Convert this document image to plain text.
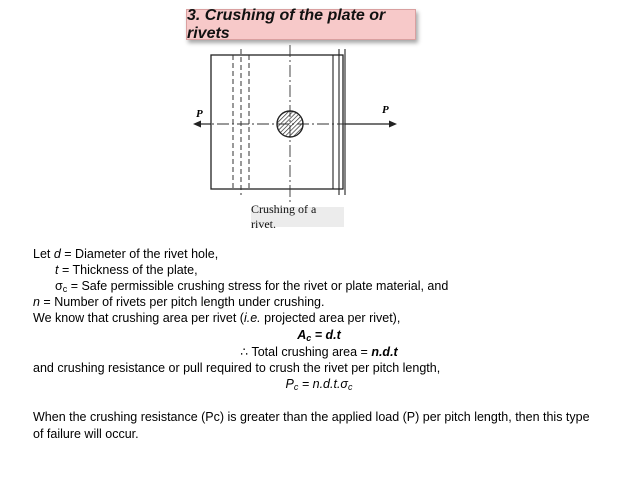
3. Crushing of the plate or rivets
P	P
Crushing of a rivet.
Let d = Diameter of the rivet hole,
t = Thickness of the plate,
$\sigma_c$ = Safe permissible crushing stress for the rivet or plate material, and
n = Number of rivets per pitch length under crushing.
We know that crushing area per rivet (i.e. projected area per rivet),
$A_c = d.t$
∴ Total crushing area = n.d.t
and crushing resistance or pull required to crush the rivet per pitch length,
$P_c = n.d.t.\sigma_c$
When the crushing resistance (Pc) is greater than the applied load (P) per pitch length, then this type of failure will occur.
